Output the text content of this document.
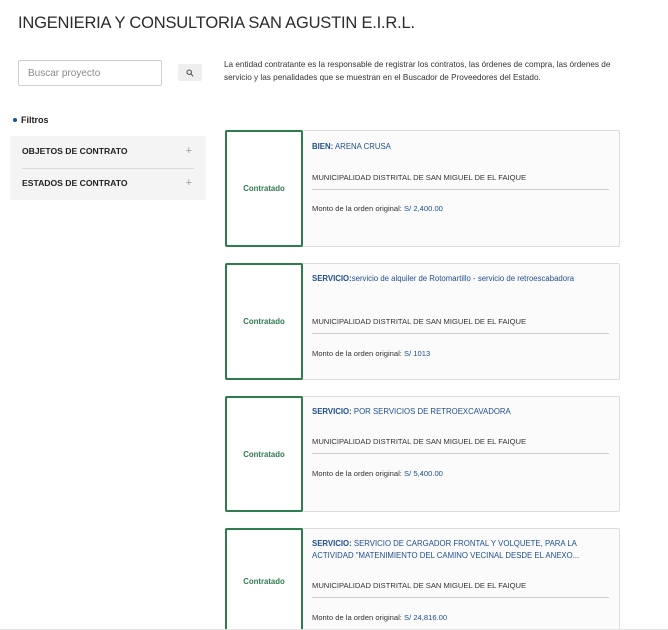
INGENIERIA Y CONSULTORIA SAN AGUSTIN E.I.R.L.
Buscar proyecto

La entidad contratante es la responsable de registrar los contratos, las órdenes de compra, las órdenes de servicio y las penalidades que se muestran en el Buscador de Proveedores del Estado.

Filtros
OBJETOS DE CONTRATO	+
ESTADOS DE CONTRATO	+	Contratado
BIEN: ARENA CRUSA
MUNICIPALIDAD DISTRITAL DE SAN MIGUEL DE EL FAIQUE
Monto de la orden original: S/ 2,400.00
Contratado
SERVICIO:servicio de alquiler de Rotomartillo - servicio de retroescabadora
MUNICIPALIDAD DISTRITAL DE SAN MIGUEL DE EL FAIQUE
Monto de la orden original: S/ 1013
Contratado
SERVICIO: POR SERVICIOS DE RETROEXCAVADORA
MUNICIPALIDAD DISTRITAL DE SAN MIGUEL DE EL FAIQUE
Monto de la orden original: S/ 5,400.00
Contratado
SERVICIO: SERVICIO DE CARGADOR FRONTAL Y VOLQUETE, PARA LA ACTIVIDAD "MATENIMIENTO DEL CAMINO VECINAL DESDE EL ANEXO...
MUNICIPALIDAD DISTRITAL DE SAN MIGUEL DE EL FAIQUE
Monto de la orden original: S/ 24,816.00
